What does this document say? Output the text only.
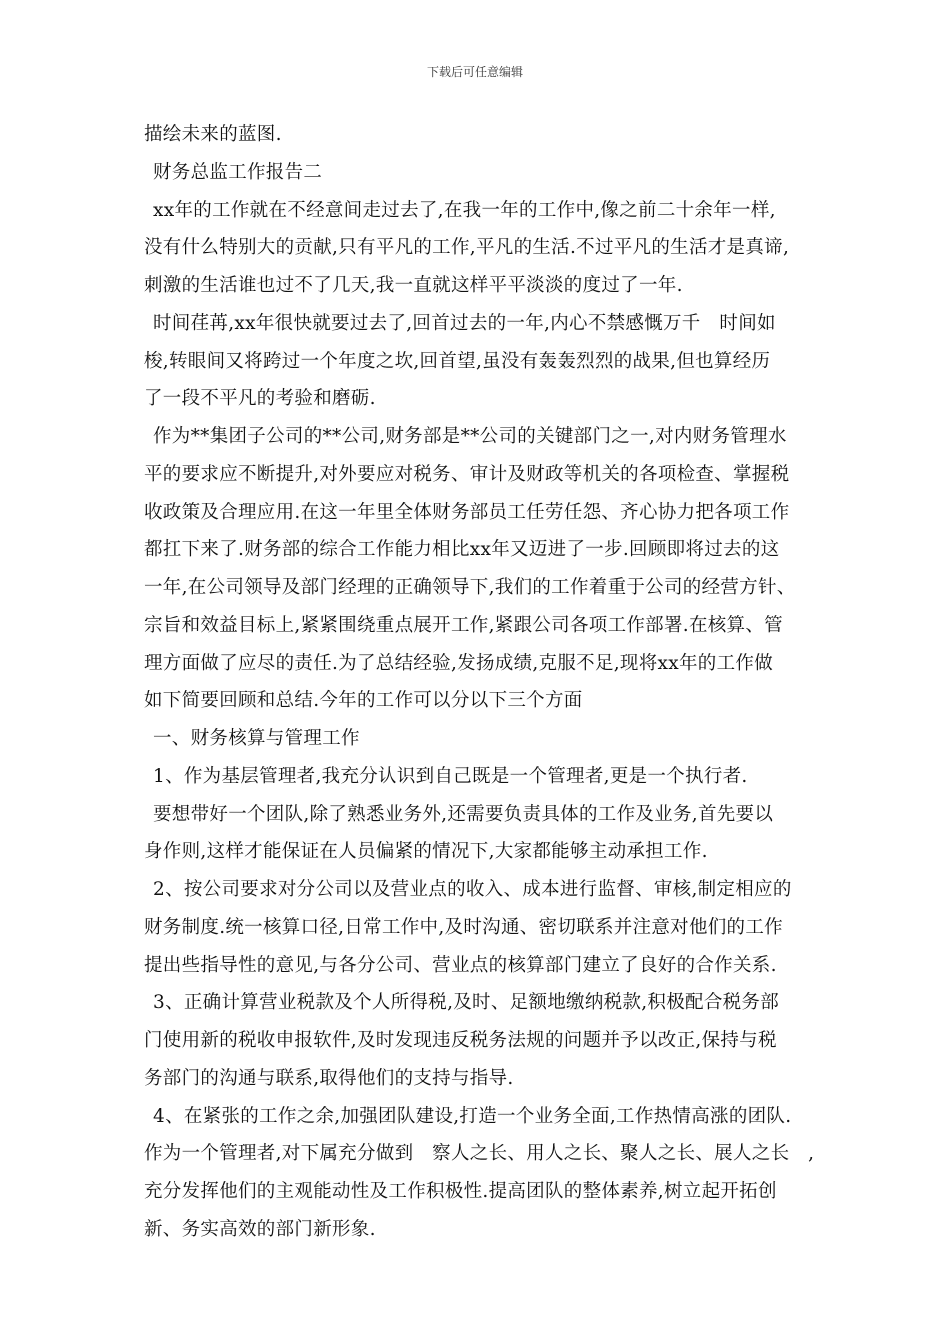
下载后可任意编辑
描绘未来的蓝图.
财务总监工作报告二
xx年的工作就在不经意间走过去了,在我一年的工作中,像之前二十余年一样,
没有什么特别大的贡献,只有平凡的工作,平凡的生活.不过平凡的生活才是真谛,
刺激的生活谁也过不了几天,我一直就这样平平淡淡的度过了一年.
时间荏苒,xx年很快就要过去了,回首过去的一年,内心不禁感慨万千　时间如
梭,转眼间又将跨过一个年度之坎,回首望,虽没有轰轰烈烈的战果,但也算经历
了一段不平凡的考验和磨砺.
作为**集团子公司的**公司,财务部是**公司的关键部门之一,对内财务管理水
平的要求应不断提升,对外要应对税务、审计及财政等机关的各项检查、掌握税
收政策及合理应用.在这一年里全体财务部员工任劳任怨、齐心协力把各项工作
都扛下来了.财务部的综合工作能力相比xx年又迈进了一步.回顾即将过去的这
一年,在公司领导及部门经理的正确领导下,我们的工作着重于公司的经营方针、
宗旨和效益目标上,紧紧围绕重点展开工作,紧跟公司各项工作部署.在核算、管
理方面做了应尽的责任.为了总结经验,发扬成绩,克服不足,现将xx年的工作做
如下简要回顾和总结.今年的工作可以分以下三个方面
一、财务核算与管理工作
1、作为基层管理者,我充分认识到自己既是一个管理者,更是一个执行者.
要想带好一个团队,除了熟悉业务外,还需要负责具体的工作及业务,首先要以
身作则,这样才能保证在人员偏紧的情况下,大家都能够主动承担工作.
2、按公司要求对分公司以及营业点的收入、成本进行监督、审核,制定相应的
财务制度.统一核算口径,日常工作中,及时沟通、密切联系并注意对他们的工作
提出些指导性的意见,与各分公司、营业点的核算部门建立了良好的合作关系.
3、正确计算营业税款及个人所得税,及时、足额地缴纳税款,积极配合税务部
门使用新的税收申报软件,及时发现违反税务法规的问题并予以改正,保持与税
务部门的沟通与联系,取得他们的支持与指导.
4、在紧张的工作之余,加强团队建设,打造一个业务全面,工作热情高涨的团队.
作为一个管理者,对下属充分做到　察人之长、用人之长、聚人之长、展人之长　,
充分发挥他们的主观能动性及工作积极性.提高团队的整体素养,树立起开拓创
新、务实高效的部门新形象.
